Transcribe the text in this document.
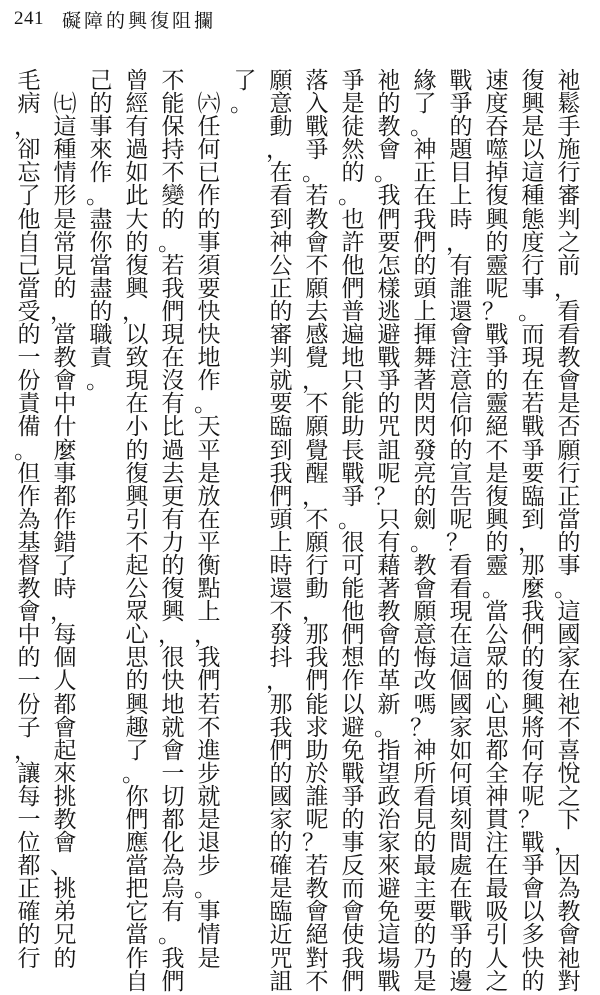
241 礙障的興復阻攔
祂
鬆
手
施
行
審
判
之
前
，
看
看
教
會
是
否
願
行
正
當
的
事
。
這
國
家
在
祂
不
喜
悅
之
下
，
因
為
教
會
祂
對
復
興
是
以
這
種
態
度
行
事
。
而
現
在
若
戰
爭
要
臨
到
，
那
麼
我
們
的
復
興
將
何
存
呢
？
戰
爭
會
以
多
快
的
速
度
吞
噬
掉
復
興
的
靈
呢
？
戰
爭
的
靈
絕
不
是
復
興
的
靈
。
當
公
眾
的
心
思
都
全
神
貫
注
在
最
吸
引
人
之
戰
爭
的
題
目
上
時
，
有
誰
還
會
注
意
信
仰
的
宣
告
呢
？
看
看
現
在
這
個
國
家
如
何
頃
刻
間
處
在
戰
爭
的
邊
緣
了
。
神
正
在
我
們
的
頭
上
揮
舞
著
閃
閃
發
亮
的
劍
。
教
會
願
意
悔
改
嗎
？
神
所
看
見
的
最
主
要
的
乃
是
祂
的
教
會
。
我
們
要
怎
樣
逃
避
戰
爭
的
咒
詛
呢
？
只
有
藉
著
教
會
的
革
新
。
指
望
政
治
家
來
避
免
這
場
戰
爭
是
徒
然
的
。
也
許
他
們
普
遍
地
只
能
助
長
戰
爭
。
很
可
能
他
們
想
作
以
避
免
戰
爭
的
事
反
而
會
使
我
們
落
入
戰
爭
。
若
教
會
不
願
去
感
覺
，
不
願
覺
醒
，
不
願
行
動
，
那
我
們
能
求
助
於
誰
呢
？
若
教
會
絕
對
不
願
意
動
，
在
看
到
神
公
正
的
審
判
就
要
臨
到
我
們
頭
上
時
還
不
發
抖
，
那
我
們
的
國
家
的
確
是
臨
近
咒
詛
了
。

㈥
任
何
已
作
的
事
須
要
快
快
地
作
。
天
平
是
放
在
平
衡
點
上
，
我
們
若
不
進
步
就
是
退
步
。
事
情
是
不
能
保
持
不
變
的
。
若
我
們
現
在
沒
有
比
過
去
更
有
力
的
復
興
，
很
快
地
就
會
一
切
都
化
為
烏
有
。
我
們
曾
經
有
過
如
此
大
的
復
興
，
以
致
現
在
小
的
復
興
引
不
起
公
眾
心
思
的
興
趣
了
。
你
們
應
當
把
它
當
作
自
己
的
事
來
作
。
盡
你
當
盡
的
職
責
。

㈦
這
種
情
形
是
常
見
的
，
當
教
會
中
什
麼
事
都
作
錯
了
時
，
每
個
人
都
會
起
來
挑
教
會
、
挑
弟
兄
的
毛
病
，
卻
忘
了
他
自
己
當
受
的
一
份
責
備
。
但
作
為
基
督
教
會
中
的
一
份
子
，
讓
每
一
位
都
正
確
的
行
